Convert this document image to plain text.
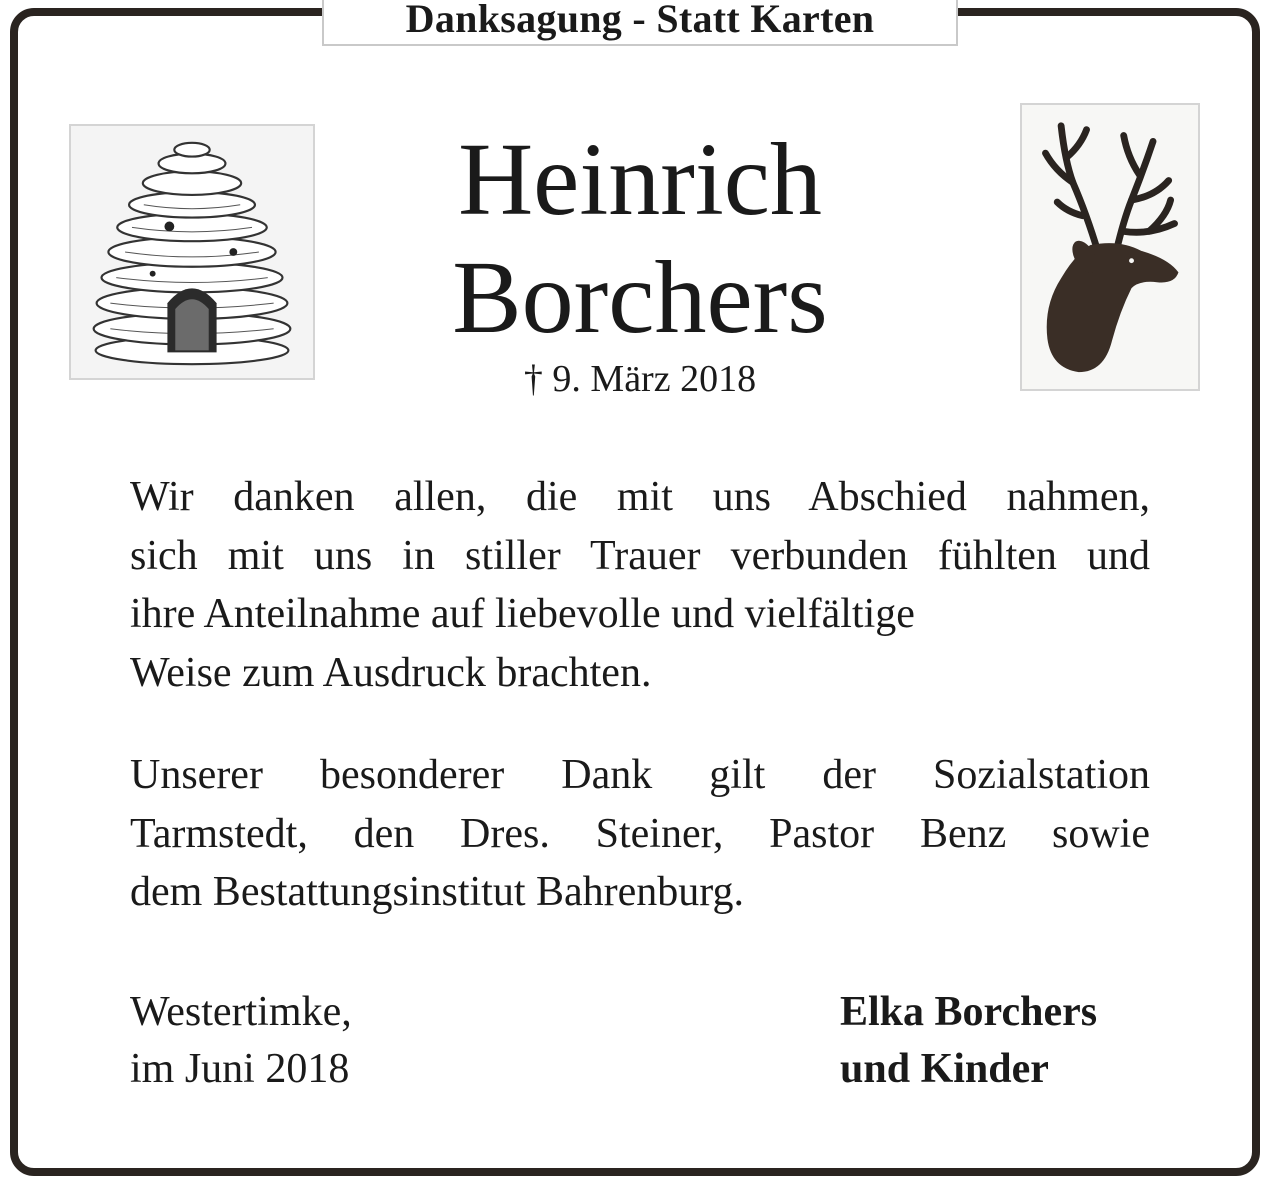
Danksagung - Statt Karten
Heinrich
Borchers
† 9. März 2018
Wir danken allen, die mit uns Abschied nahmen,
sich mit uns in stiller Trauer verbunden fühlten und
ihre Anteilnahme auf liebevolle und vielfältige
Weise zum Ausdruck brachten.
Unserer besonderer Dank gilt der Sozialstation
Tarmstedt, den Dres. Steiner, Pastor Benz sowie
dem Bestattungsinstitut Bahrenburg.
Westertimke,
im Juni 2018
Elka Borchers
und Kinder
